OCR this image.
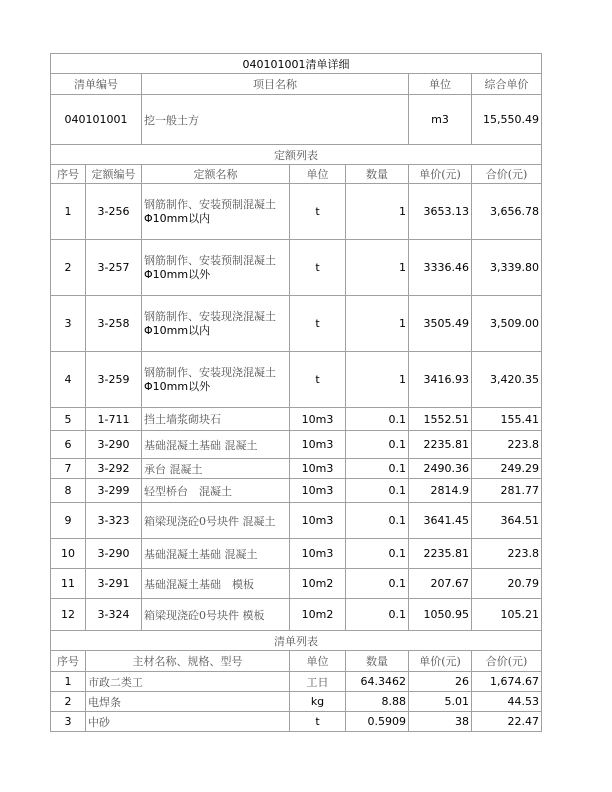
040101001清单详细						
清单编号		项目名称			单位	综合单价
040101001		挖一般土方			m3	15,550.49
定额列表						
序号	定额编号	定额名称	单位	数量	单价(元)	合价(元)
1	3-256	钢筋制作、安装预制混凝土
Φ10mm以内	t	1	3653.13	3,656.78
2	3-257	钢筋制作、安装预制混凝土
Φ10mm以外	t	1	3336.46	3,339.80
3	3-258	钢筋制作、安装现浇混凝土
Φ10mm以内	t	1	3505.49	3,509.00
4	3-259	钢筋制作、安装现浇混凝土
Φ10mm以外	t	1	3416.93	3,420.35
5	1-711	挡土墙浆砌块石	10m3	0.1	1552.51	155.41
6	3-290	基础混凝土基础 混凝土	10m3	0.1	2235.81	223.8
7	3-292	承台 混凝土	10m3	0.1	2490.36	249.29
8	3-299	轻型桥台　混凝土	10m3	0.1	2814.9	281.77
9	3-323	箱梁现浇砼0号块件 混凝土	10m3	0.1	3641.45	364.51
10	3-290	基础混凝土基础 混凝土	10m3	0.1	2235.81	223.8
11	3-291	基础混凝土基础　模板	10m2	0.1	207.67	20.79
12	3-324	箱梁现浇砼0号块件 模板	10m2	0.1	1050.95	105.21
清单列表						
序号	主材名称、规格、型号		单位	数量	单价(元)	合价(元)
1	市政二类工		工日	64.3462	26	1,674.67
2	电焊条		kg	8.88	5.01	44.53
3	中砂		t	0.5909	38	22.47
